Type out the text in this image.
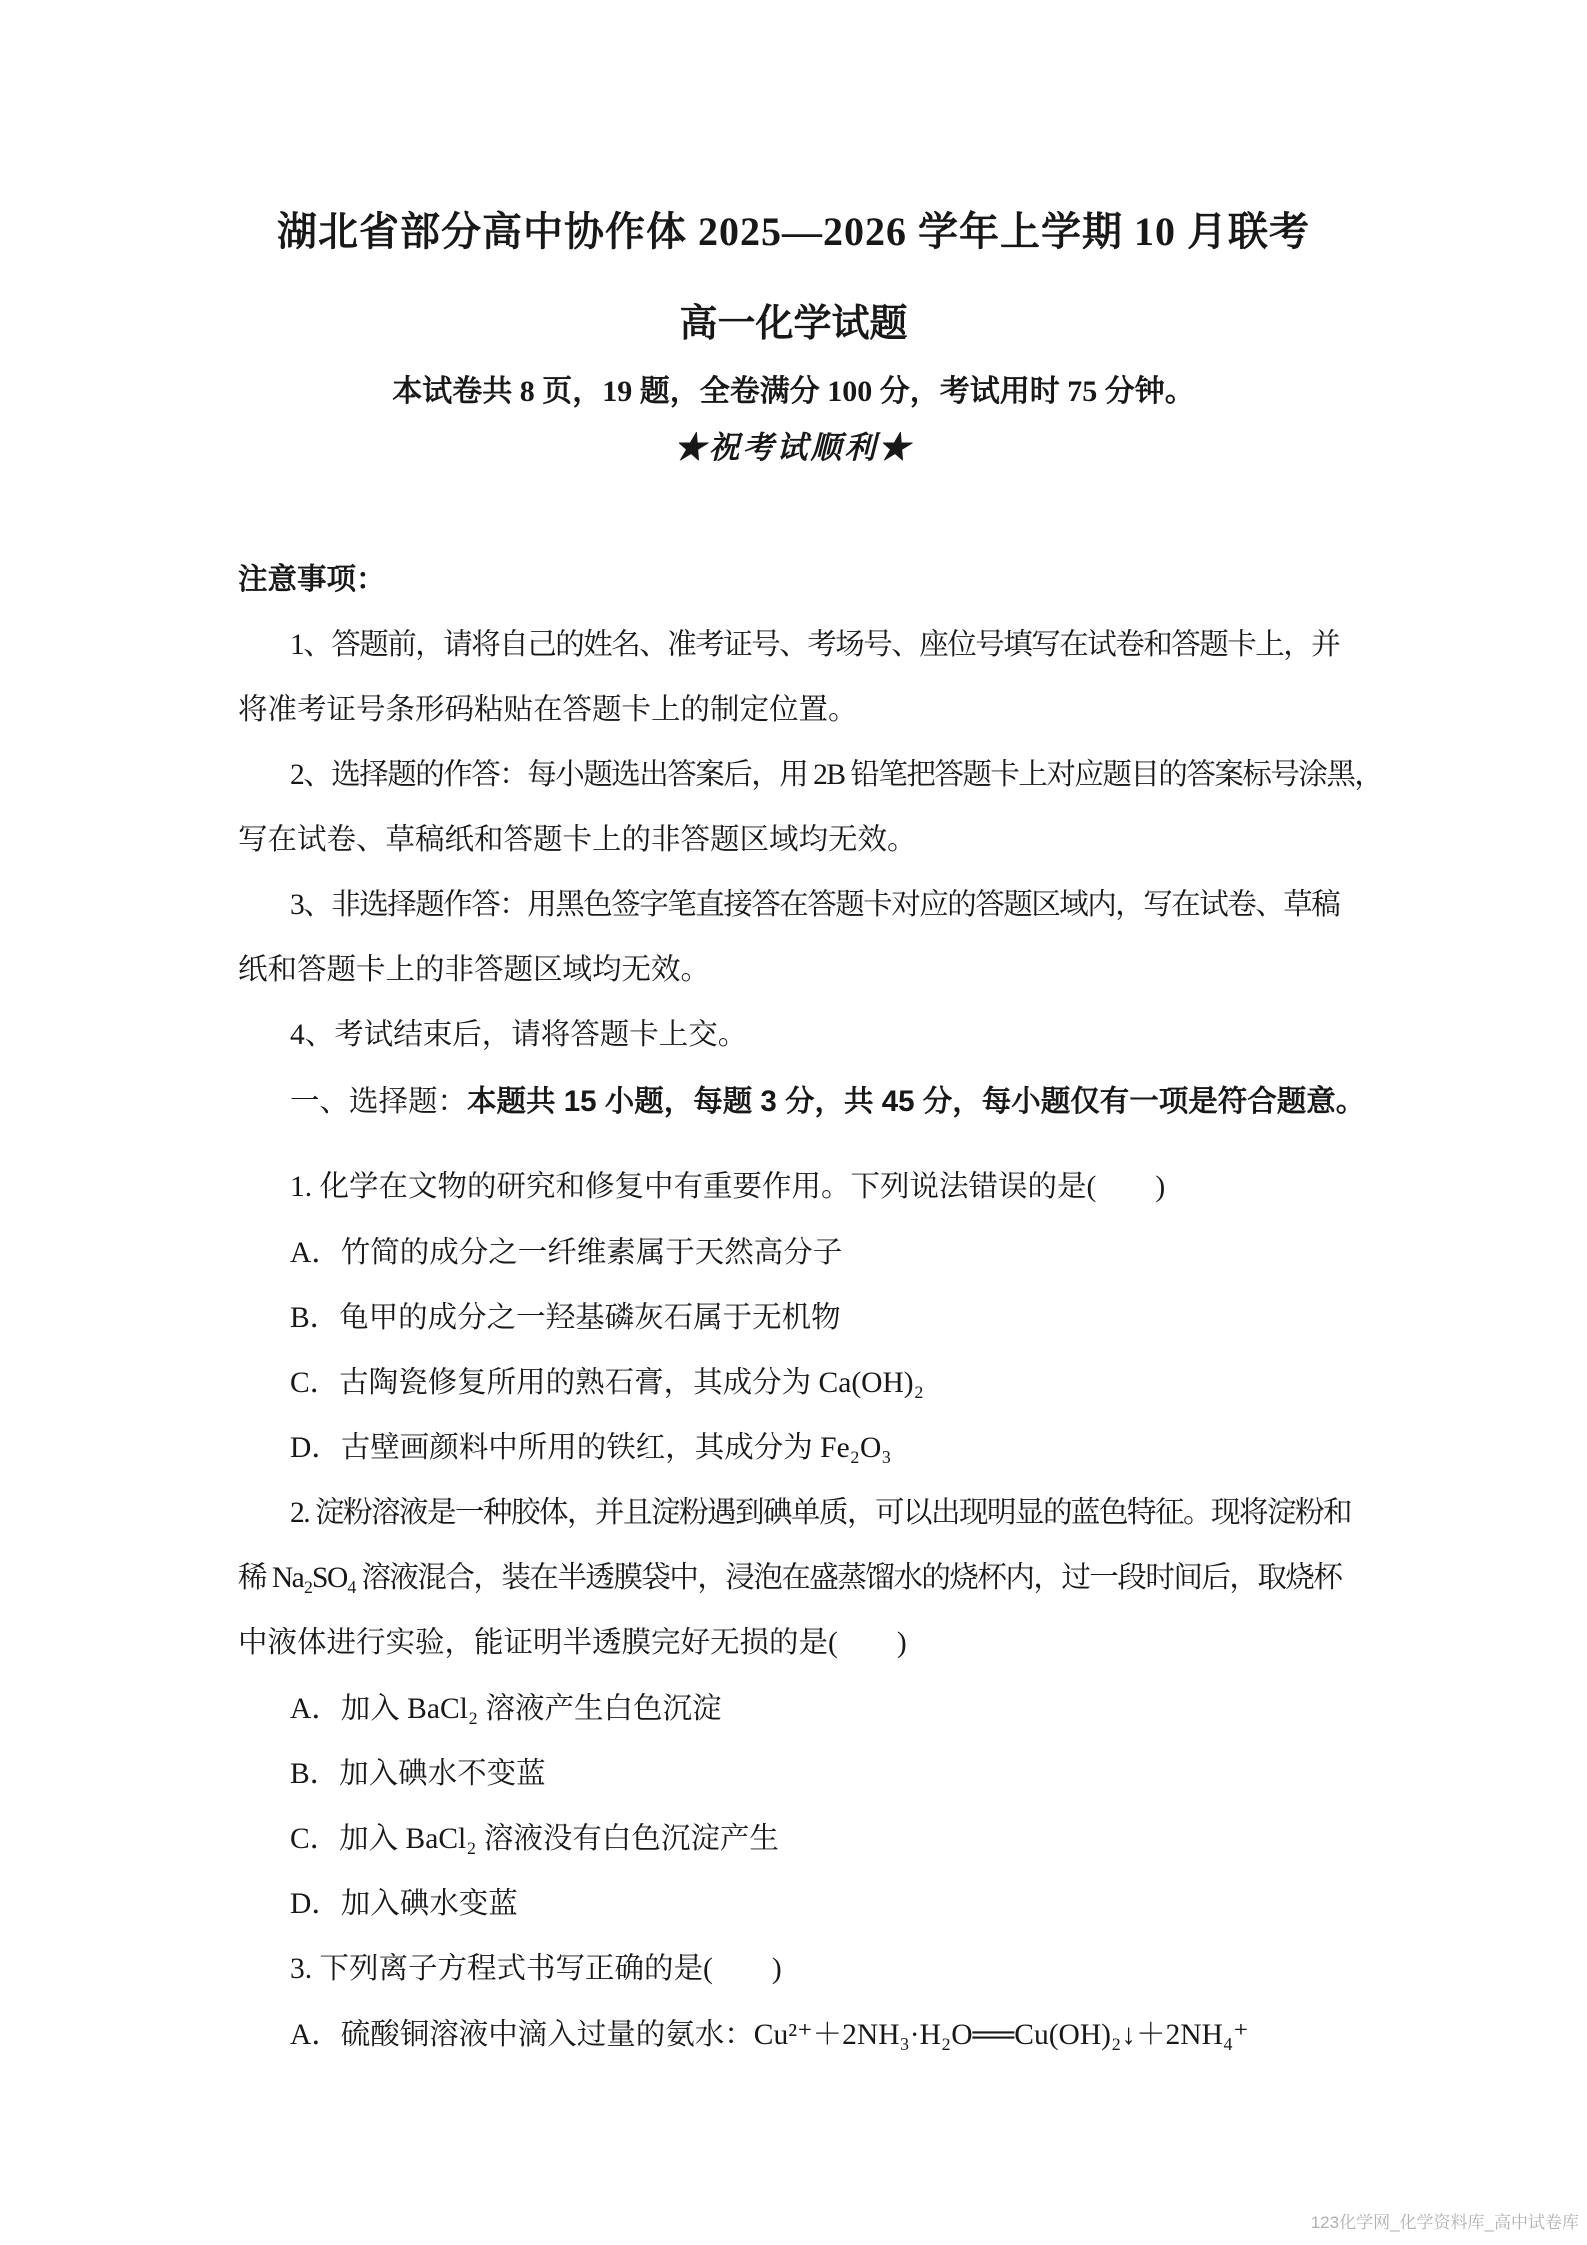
湖北省部分高中协作体 2025—2026 学年上学期 10 月联考
高一化学试题
本试卷共 8 页，19 题，全卷满分 100 分，考试用时 75 分钟。
★祝考试顺利★
注意事项：
1、答题前，请将自己的姓名、准考证号、考场号、座位号填写在试卷和答题卡上，并
将准考证号条形码粘贴在答题卡上的制定位置。
2、选择题的作答：每小题选出答案后，用 2B 铅笔把答题卡上对应题目的答案标号涂黑，
写在试卷、草稿纸和答题卡上的非答题区域均无效。
3、非选择题作答：用黑色签字笔直接答在答题卡对应的答题区域内，写在试卷、草稿
纸和答题卡上的非答题区域均无效。
4、考试结束后，请将答题卡上交。
一、选择题：本题共 15 小题，每题 3 分，共 45 分，每小题仅有一项是符合题意。
1. 化学在文物的研究和修复中有重要作用。下列说法错误的是(　　)
A．竹简的成分之一纤维素属于天然高分子
B．龟甲的成分之一羟基磷灰石属于无机物
C．古陶瓷修复所用的熟石膏，其成分为 Ca(OH)₂
D．古壁画颜料中所用的铁红，其成分为 Fe₂O₃
2. 淀粉溶液是一种胶体，并且淀粉遇到碘单质，可以出现明显的蓝色特征。现将淀粉和
稀 Na₂SO₄ 溶液混合，装在半透膜袋中，浸泡在盛蒸馏水的烧杯内，过一段时间后，取烧杯
中液体进行实验，能证明半透膜完好无损的是(　　)
A．加入 BaCl₂ 溶液产生白色沉淀
B．加入碘水不变蓝
C．加入 BaCl₂ 溶液没有白色沉淀产生
D．加入碘水变蓝
3. 下列离子方程式书写正确的是(　　)
A．硫酸铜溶液中滴入过量的氨水：Cu²⁺＋2NH₃·H₂O══Cu(OH)₂↓＋2NH₄⁺
123化学网_化学资料库_高中试卷库
